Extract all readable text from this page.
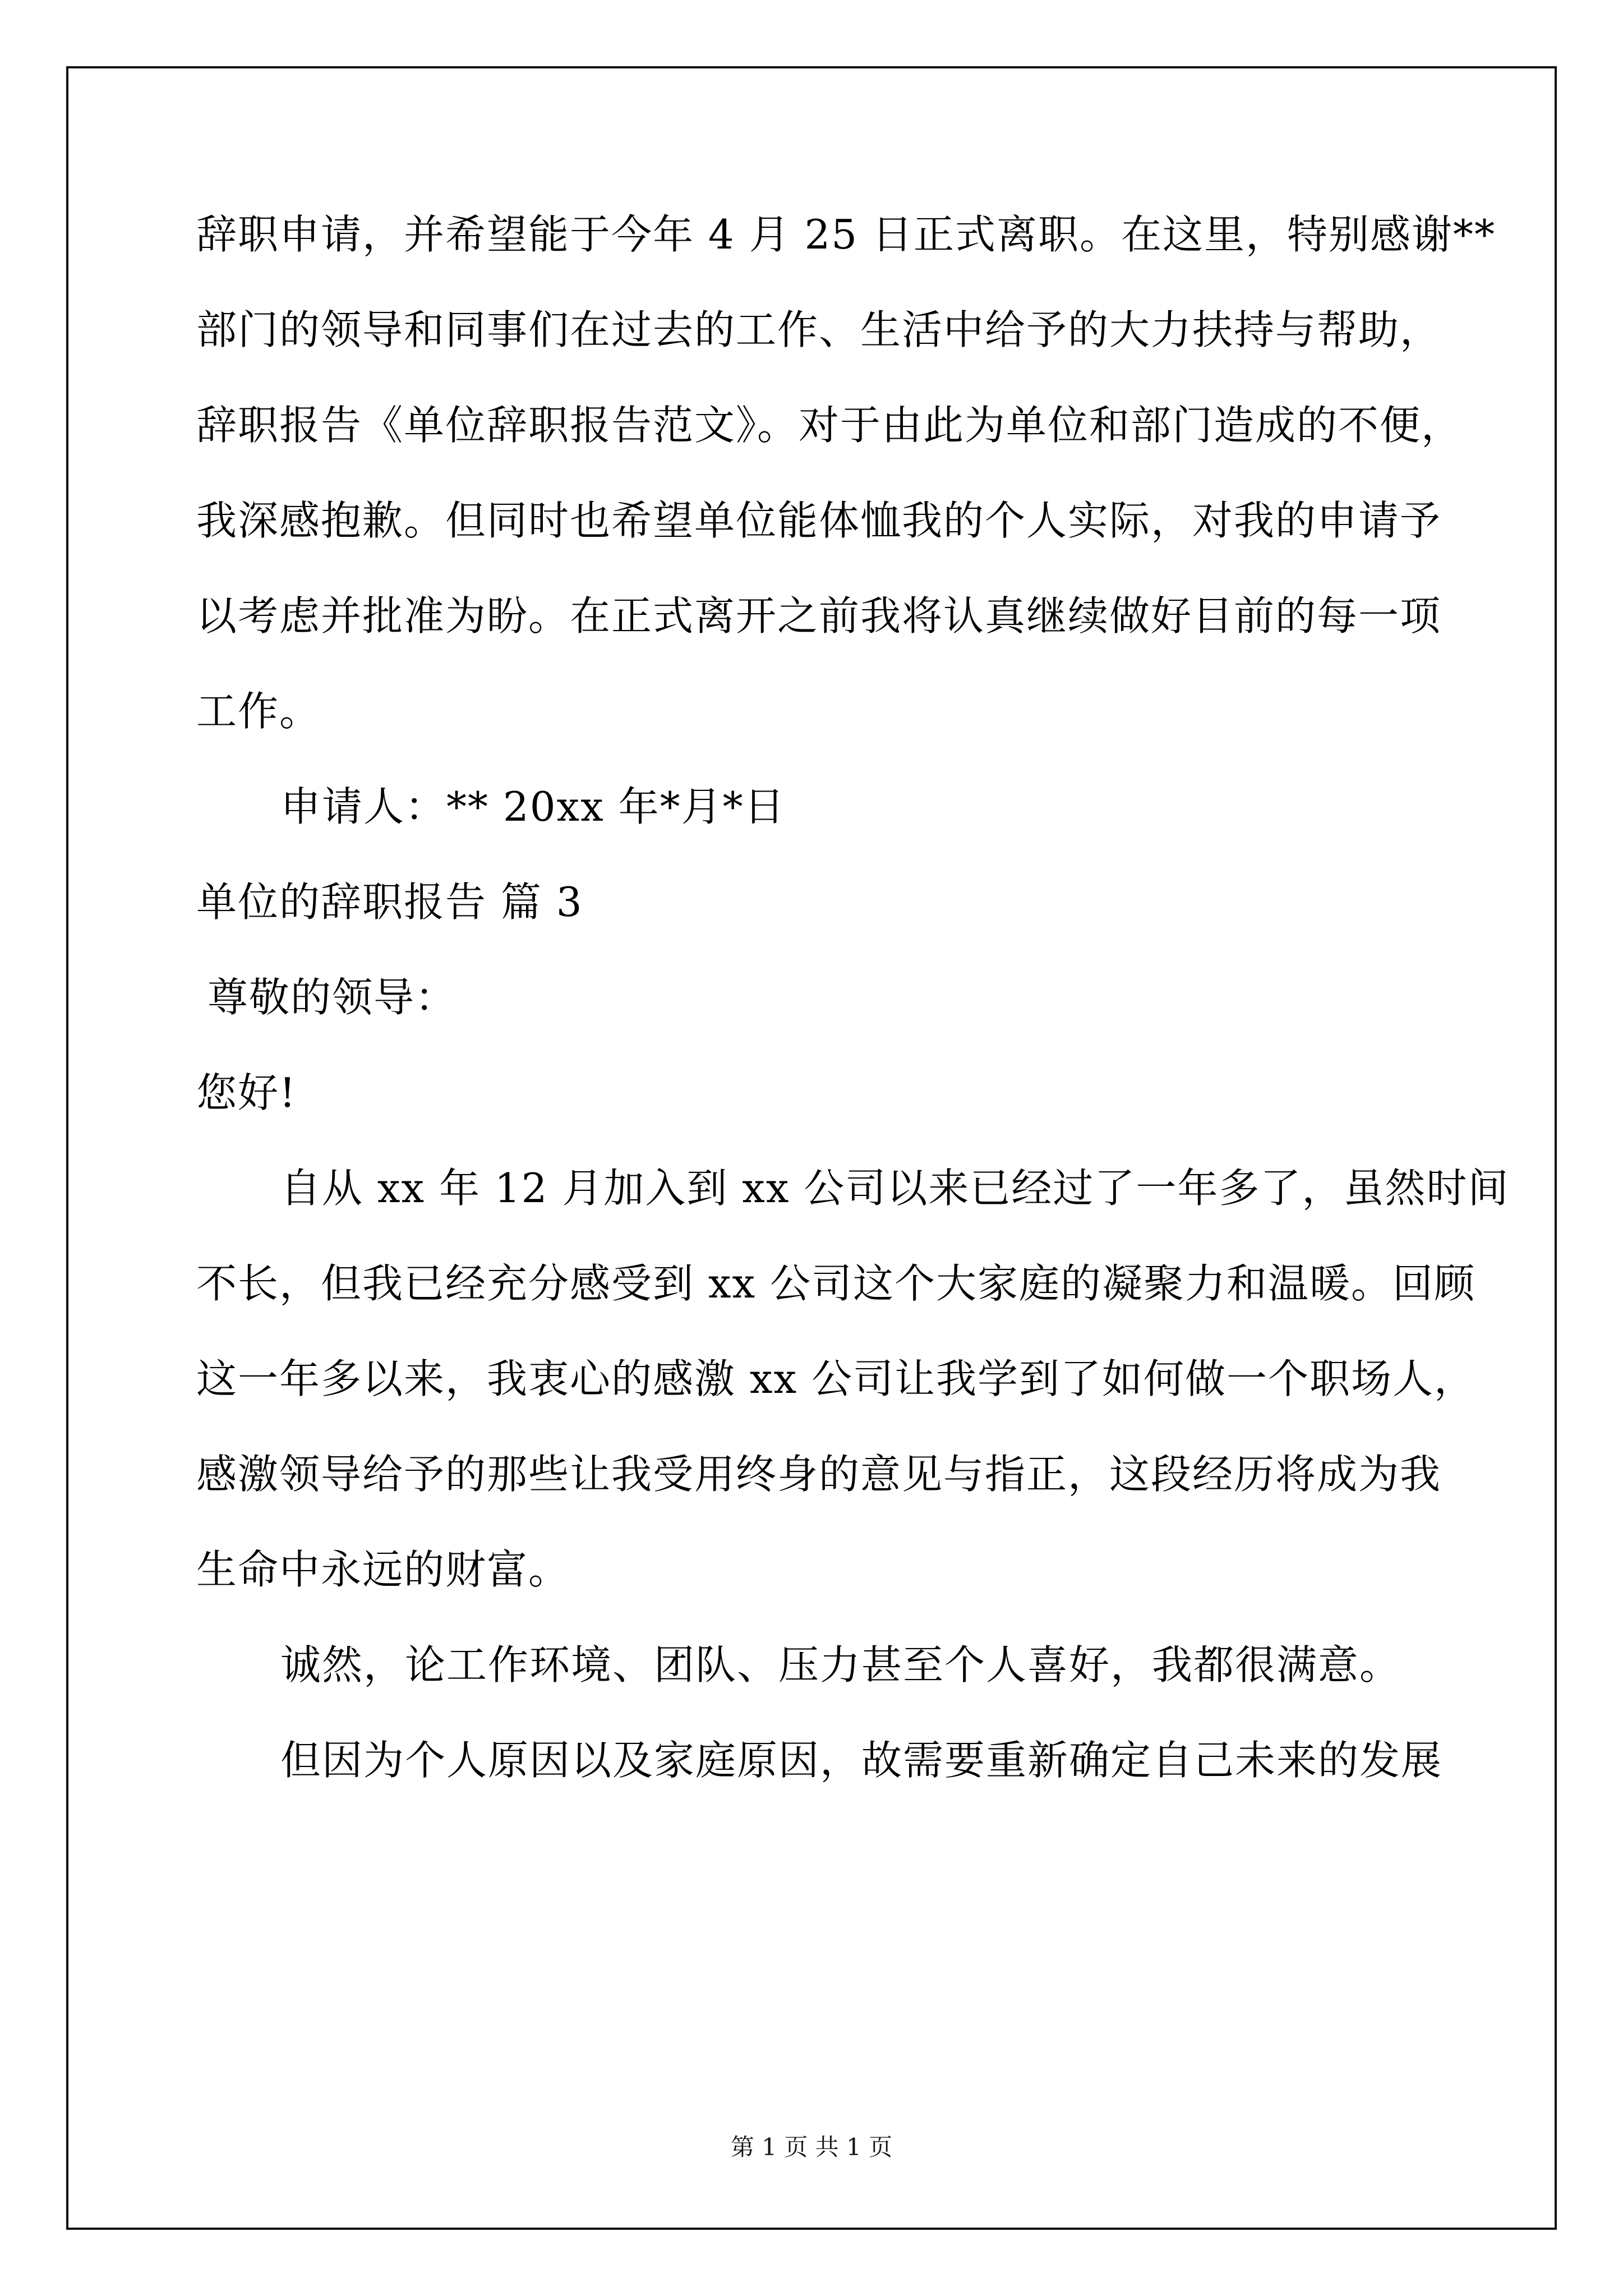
辞职申请，并希望能于今年 4 月 25 日正式离职。在这里，特别感谢**
部门的领导和同事们在过去的工作、生活中给予的大力扶持与帮助，
辞职报告《单位辞职报告范文》。对于由此为单位和部门造成的不便，
我深感抱歉。但同时也希望单位能体恤我的个人实际，对我的申请予
以考虑并批准为盼。在正式离开之前我将认真继续做好目前的每一项
工作。
申请人：** 20xx 年*月*日
单位的辞职报告 篇 3
尊敬的领导：
您好!
自从 xx 年 12 月加入到 xx 公司以来已经过了一年多了，虽然时间
不长，但我已经充分感受到 xx 公司这个大家庭的凝聚力和温暖。回顾
这一年多以来，我衷心的感激 xx 公司让我学到了如何做一个职场人，
感激领导给予的那些让我受用终身的意见与指正，这段经历将成为我
生命中永远的财富。
诚然，论工作环境、团队、压力甚至个人喜好，我都很满意。
但因为个人原因以及家庭原因，故需要重新确定自己未来的发展
第 1 页 共 1 页
